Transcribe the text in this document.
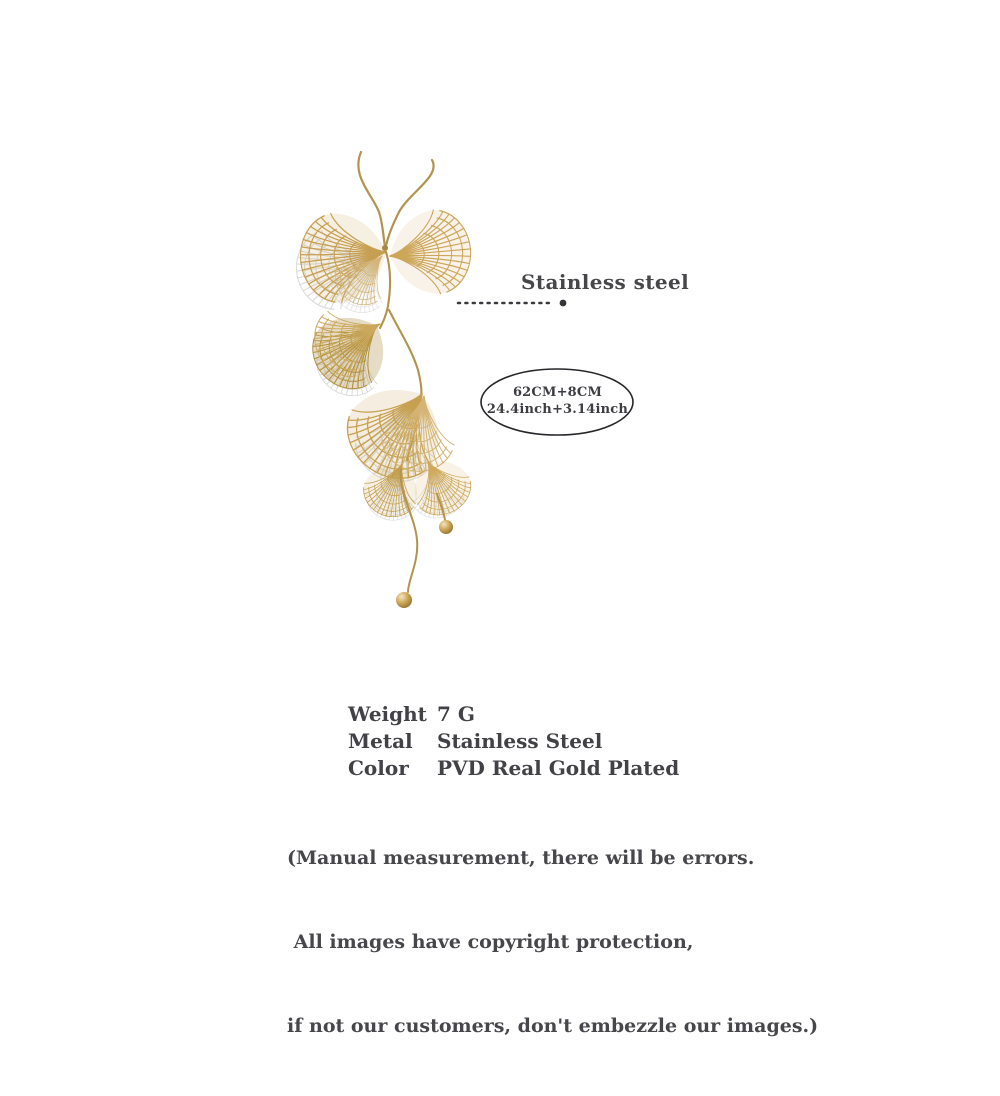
Stainless steel
62CM+8CM
24.4inch+3.14inch
Weight 7 G
Metal	Stainless Steel
Color	PVD Real Gold Plated

(Manual measurement, there will be errors.

All images have copyright protection,

if not our customers, don't embezzle our images.)
